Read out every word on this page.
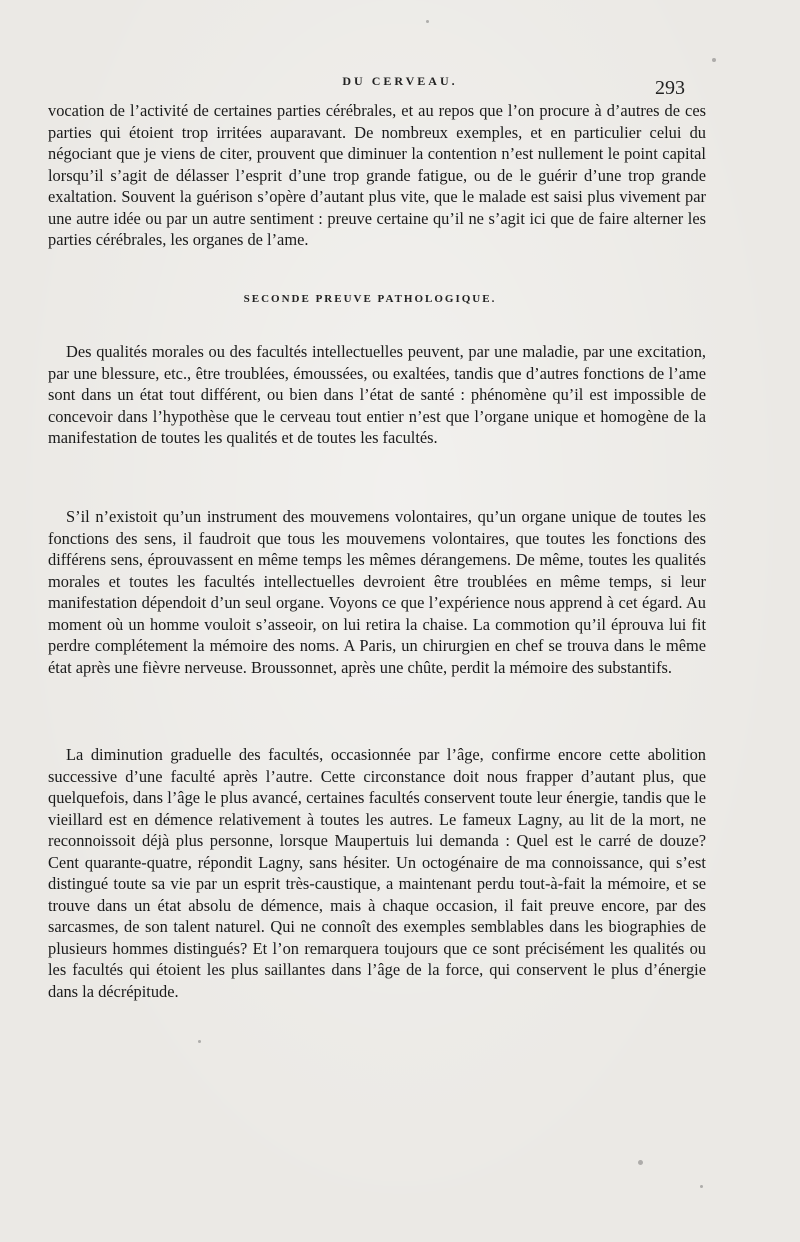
DU CERVEAU.	293

vocation de l’activité de certaines parties cérébrales, et au repos que l’on procure à d’autres de ces parties qui étoient trop irritées auparavant. De nombreux exemples, et en particulier celui du négociant que je viens de citer, prouvent que diminuer la contention n’est nullement le point capital lorsqu’il s’agit de délasser l’esprit d’une trop grande fatigue, ou de le guérir d’une trop grande exaltation. Souvent la guérison s’opère d’autant plus vite, que le malade est saisi plus vivement par une autre idée ou par un autre sentiment : preuve certaine qu’il ne s’agit ici que de faire alterner les parties cérébrales, les organes de l’ame.

SECONDE PREUVE PATHOLOGIQUE.

Des qualités morales ou des facultés intellectuelles peuvent, par une maladie, par une excitation, par une blessure, etc., être troublées, émoussées, ou exaltées, tandis que d’autres fonctions de l’ame sont dans un état tout différent, ou bien dans l’état de santé : phénomène qu’il est impossible de concevoir dans l’hypothèse que le cerveau tout entier n’est que l’organe unique et homogène de la manifestation de toutes les qualités et de toutes les facultés.

S’il n’existoit qu’un instrument des mouvemens volontaires, qu’un organe unique de toutes les fonctions des sens, il faudroit que tous les mouvemens volontaires, que toutes les fonctions des différens sens, éprouvassent en même temps les mêmes dérangemens. De même, toutes les qualités morales et toutes les facultés intellectuelles devroient être troublées en même temps, si leur manifestation dépendoit d’un seul organe. Voyons ce que l’expérience nous apprend à cet égard. Au moment où un homme vouloit s’asseoir, on lui retira la chaise. La commotion qu’il éprouva lui fit perdre complétement la mémoire des noms. A Paris, un chirurgien en chef se trouva dans le même état après une fièvre nerveuse. Broussonnet, après une chûte, perdit la mémoire des substantifs.

La diminution graduelle des facultés, occasionnée par l’âge, confirme encore cette abolition successive d’une faculté après l’autre. Cette circonstance doit nous frapper d’autant plus, que quelquefois, dans l’âge le plus avancé, certaines facultés conservent toute leur énergie, tandis que le vieillard est en démence relativement à toutes les autres. Le fameux Lagny, au lit de la mort, ne reconnoissoit déjà plus personne, lorsque Maupertuis lui demanda : Quel est le carré de douze? Cent quarante-quatre, répondit Lagny, sans hésiter. Un octogénaire de ma connoissance, qui s’est distingué toute sa vie par un esprit très-caustique, a maintenant perdu tout-à-fait la mémoire, et se trouve dans un état absolu de démence, mais à chaque occasion, il fait preuve encore, par des sarcasmes, de son talent naturel. Qui ne connoît des exemples semblables dans les biographies de plusieurs hommes distingués? Et l’on remarquera toujours que ce sont précisément les qualités ou les facultés qui étoient les plus saillantes dans l’âge de la force, qui conservent le plus d’énergie dans la décrépitude.
